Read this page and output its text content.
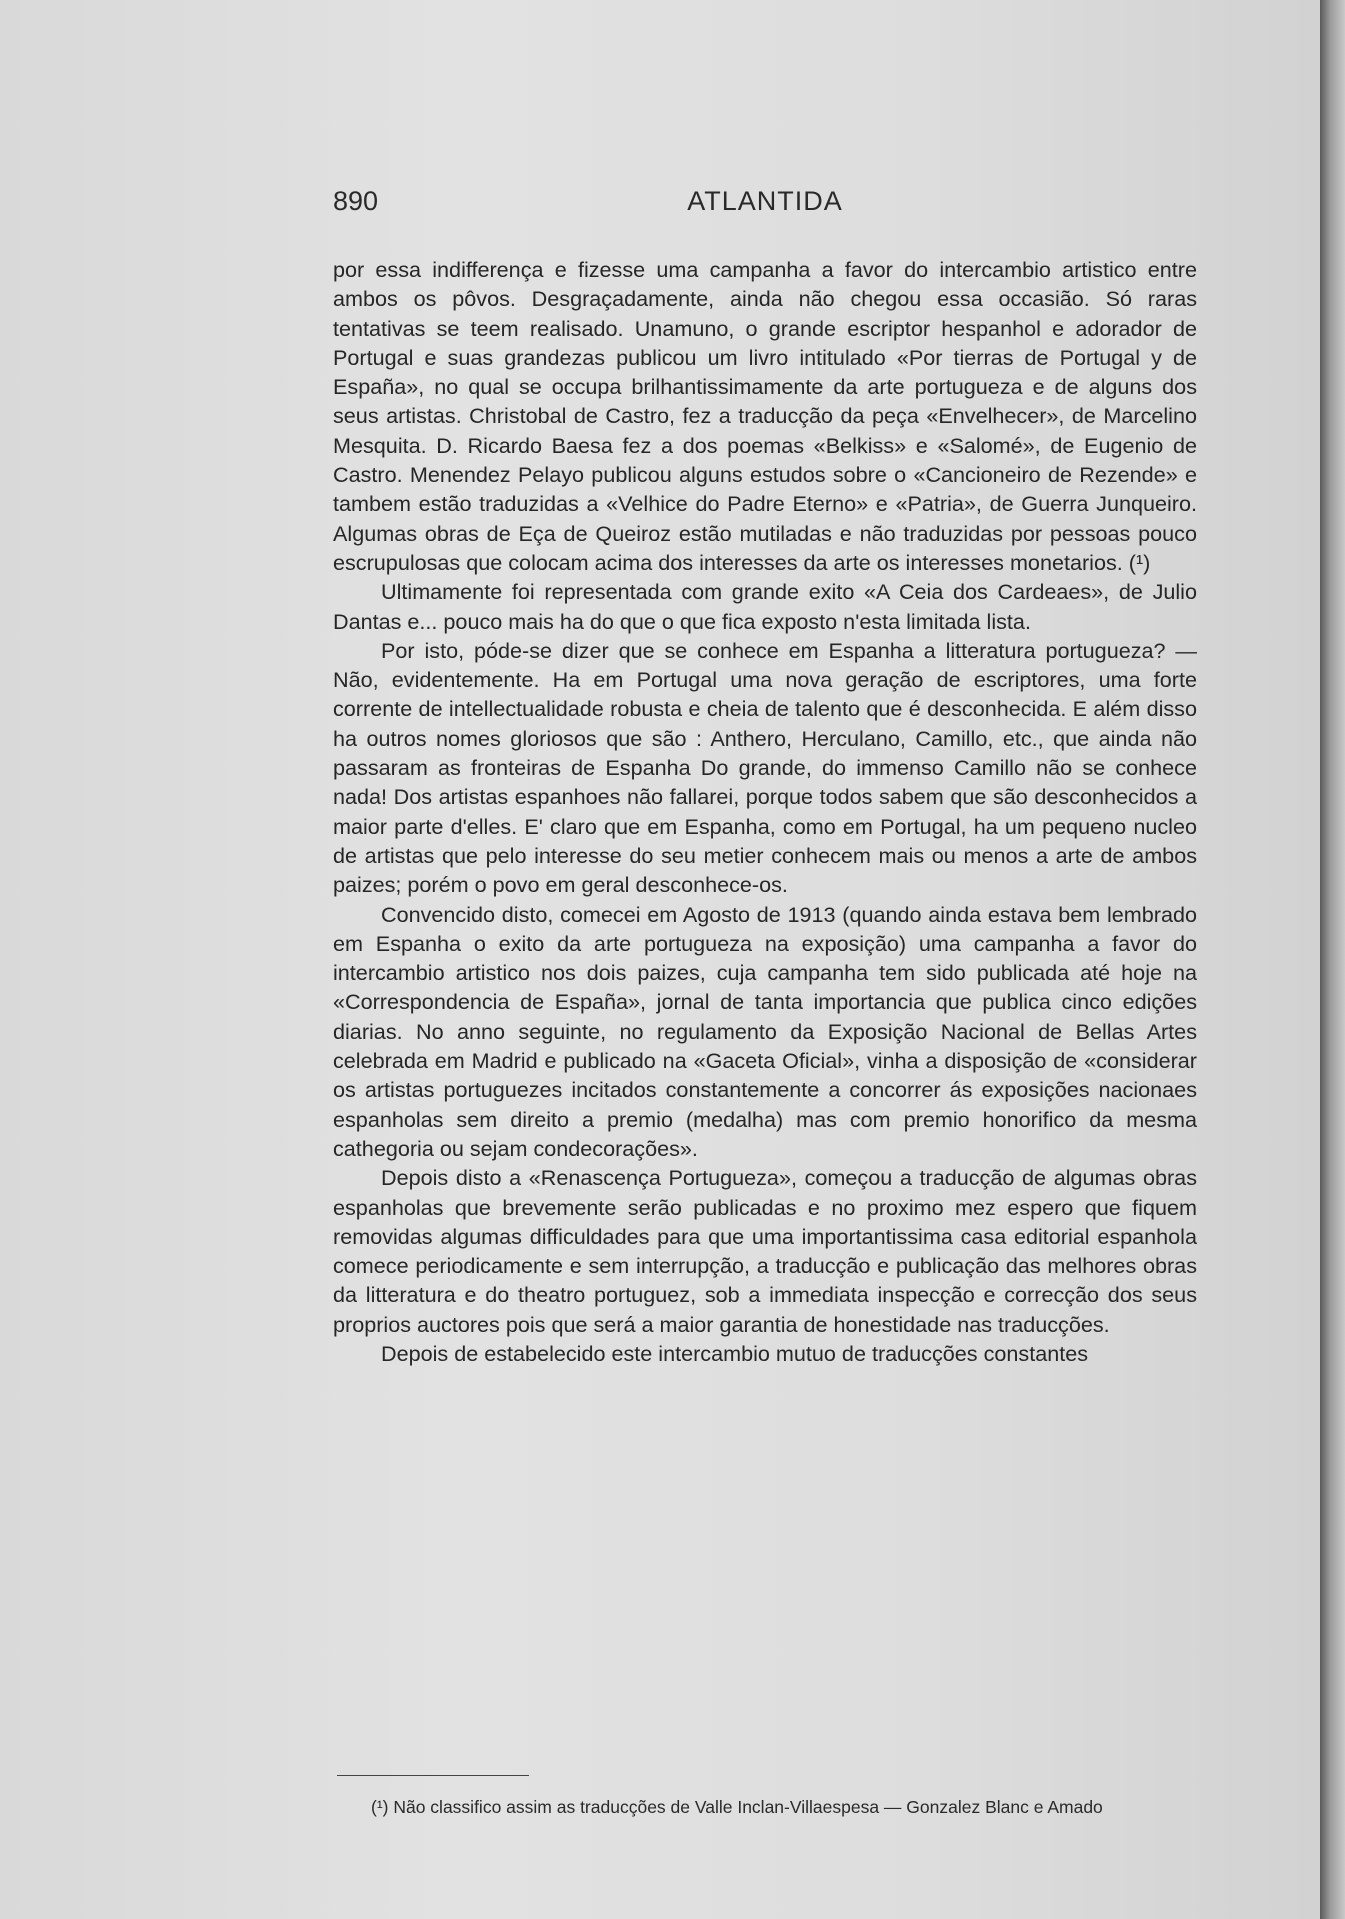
890	ATLANTIDA

por essa indifferença e fizesse uma campanha a favor do intercambio artistico entre ambos os pôvos. Desgraçadamente, ainda não chegou essa occasião. Só raras tentativas se teem realisado. Unamuno, o grande escriptor hespanhol e adorador de Portugal e suas grandezas publicou um livro intitulado «Por tierras de Portugal y de España», no qual se occupa brilhantissimamente da arte portugueza e de alguns dos seus artistas. Christobal de Castro, fez a traducção da peça «Envelhecer», de Marcelino Mesquita. D. Ricardo Baesa fez a dos poemas «Belkiss» e «Salomé», de Eugenio de Castro. Menendez Pelayo publicou alguns estudos sobre o «Cancioneiro de Rezende» e tambem estão traduzidas a «Velhice do Padre Eterno» e «Patria», de Guerra Junqueiro. Algumas obras de Eça de Queiroz estão mutiladas e não traduzidas por pessoas pouco escrupulosas que colocam acima dos interesses da arte os interesses monetarios. (¹)

Ultimamente foi representada com grande exito «A Ceia dos Cardeaes», de Julio Dantas e... pouco mais ha do que o que fica exposto n'esta limitada lista.

Por isto, póde-se dizer que se conhece em Espanha a litteratura portugueza? — Não, evidentemente. Ha em Portugal uma nova geração de escriptores, uma forte corrente de intellectualidade robusta e cheia de talento que é desconhecida. E além disso ha outros nomes gloriosos que são : Anthero, Herculano, Camillo, etc., que ainda não passaram as fronteiras de Espanha Do grande, do immenso Camillo não se conhece nada! Dos artistas espanhoes não fallarei, porque todos sabem que são desconhecidos a maior parte d'elles. E' claro que em Espanha, como em Portugal, ha um pequeno nucleo de artistas que pelo interesse do seu metier conhecem mais ou menos a arte de ambos paizes; porém o povo em geral desconhece-os.

Convencido disto, comecei em Agosto de 1913 (quando ainda estava bem lembrado em Espanha o exito da arte portugueza na exposição) uma campanha a favor do intercambio artistico nos dois paizes, cuja campanha tem sido publicada até hoje na «Correspondencia de España», jornal de tanta importancia que publica cinco edições diarias. No anno seguinte, no regulamento da Exposição Nacional de Bellas Artes celebrada em Madrid e publicado na «Gaceta Oficial», vinha a disposição de «considerar os artistas portuguezes incitados constantemente a concorrer ás exposições nacionaes espanholas sem direito a premio (medalha) mas com premio honorifico da mesma cathegoria ou sejam condecorações».

Depois disto a «Renascença Portugueza», começou a traducção de algumas obras espanholas que brevemente serão publicadas e no proximo mez espero que fiquem removidas algumas difficuldades para que uma importantissima casa editorial espanhola comece periodicamente e sem interrupção, a traducção e publicação das melhores obras da litteratura e do theatro portuguez, sob a immediata inspecção e correcção dos seus proprios auctores pois que será a maior garantia de honestidade nas traducções.

Depois de estabelecido este intercambio mutuo de traducções constantes

(¹) Não classifico assim as traducções de Valle Inclan-Villaespesa — Gonzalez Blanc e Amado
